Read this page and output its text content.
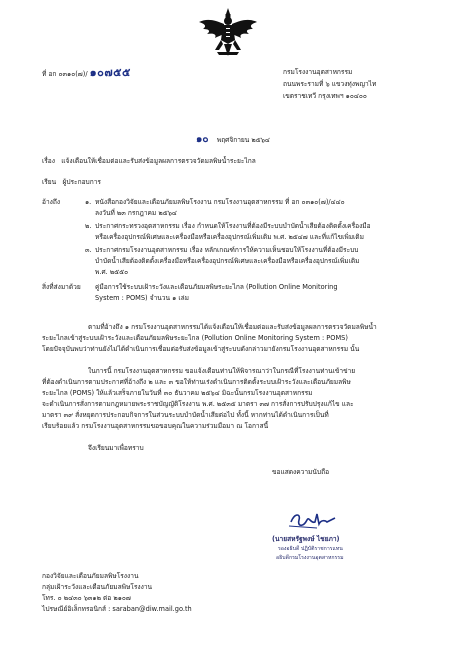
ที่ อก ๐๓๑๐(๗)/ ๑๐๗๕๕	กรมโรงงานอุตสาหกรรม
ถนนพระรามที่ ๖ แขวงทุ่งพญาไท
เขตราชเทวี กรุงเทพฯ ๑๐๔๐๐
๑๐ พฤศจิกายน ๒๕๖๔
เรื่อง แจ้งเตือนให้เชื่อมต่อและรับส่งข้อมูลผลการตรวจวัดมลพิษน้ำระยะไกล
เรียน ผู้ประกอบการ
อ้างถึง	๑. หนังสือกองวิจัยและเตือนภัยมลพิษโรงงาน กรมโรงงานอุตสาหกรรม ที่ อก ๐๓๑๐(๗)/๔๔๐
ลงวันที่ ๒๓ กรกฎาคม ๒๕๖๔
๒. ประกาศกระทรวงอุตสาหกรรม เรื่อง กำหนดให้โรงงานที่ต้องมีระบบบำบัดน้ำเสียต้องติดตั้งเครื่องมือ
หรือเครื่องอุปกรณ์พิเศษและเครื่องมือหรือเครื่องอุปกรณ์เพิ่มเติม พ.ศ. ๒๕๔๗ และที่แก้ไขเพิ่มเติม
๓. ประกาศกรมโรงงานอุตสาหกรรม เรื่อง หลักเกณฑ์การให้ความเห็นชอบให้โรงงานที่ต้องมีระบบ
บำบัดน้ำเสียต้องติดตั้งเครื่องมือหรือเครื่องอุปกรณ์พิเศษและเครื่องมือหรือเครื่องอุปกรณ์เพิ่มเติม
พ.ศ. ๒๕๕๐
สิ่งที่ส่งมาด้วย คู่มือการใช้ระบบเฝ้าระวังและเตือนภัยมลพิษระยะไกล (Pollution Online Monitoring
System : POMS) จำนวน ๑ เล่ม
ตามที่อ้างถึง ๑ กรมโรงงานอุตสาหกรรมได้แจ้งเตือนให้เชื่อมต่อและรับส่งข้อมูลผลการตรวจวัดมลพิษน้ำ
ระยะไกลเข้าสู่ระบบเฝ้าระวังและเตือนภัยมลพิษระยะไกล (Pollution Online Monitoring System : POMS)
โดยปัจจุบันพบว่าท่านยังไม่ได้ดำเนินการเชื่อมต่อรับส่งข้อมูลเข้าสู่ระบบดังกล่าวมายังกรมโรงงานอุตสาหกรรม นั้น
ในการนี้ กรมโรงงานอุตสาหกรรม ขอแจ้งเตือนท่านให้พิจารณาว่าในกรณีที่โรงงานท่านเข้าข่าย
ที่ต้องดำเนินการตามประกาศที่อ้างถึง ๒ และ ๓ ขอให้ท่านเร่งดำเนินการติดตั้งระบบเฝ้าระวังและเตือนภัยมลพิษ
ระยะไกล (POMS) ให้แล้วเสร็จภายในวันที่ ๓๐ ธันวาคม ๒๕๖๔ มิฉะนั้นกรมโรงงานอุตสาหกรรม
จะดำเนินการสั่งการตามกฎหมายพระราชบัญญัติโรงงาน พ.ศ. ๒๕๓๕ มาตรา ๓๗ การสั่งการปรับปรุงแก้ไข และ
มาตรา ๓๙ สั่งหยุดการประกอบกิจการในส่วนระบบบำบัดน้ำเสียต่อไป ทั้งนี้ หากท่านได้ดำเนินการเป็นที่
เรียบร้อยแล้ว กรมโรงงานอุตสาหกรรมขอขอบคุณในความร่วมมือมา ณ โอกาสนี้
จึงเรียนมาเพื่อทราบ
ขอแสดงความนับถือ
(นายสหรัฐพงษ์ ไชยภา)
รองอธิบดี ปฏิบัติราชการแทน
อธิบดีกรมโรงงานอุตสาหกรรม
กองวิจัยและเตือนภัยมลพิษโรงงาน
กลุ่มเฝ้าระวังและเตือนภัยมลพิษโรงงาน
โทร. ๐ ๒๔๓๐ ๖๓๑๒ ต่อ ๒๑๐๗
ไปรษณีย์อิเล็กทรอนิกส์ : saraban@diw.mail.go.th
